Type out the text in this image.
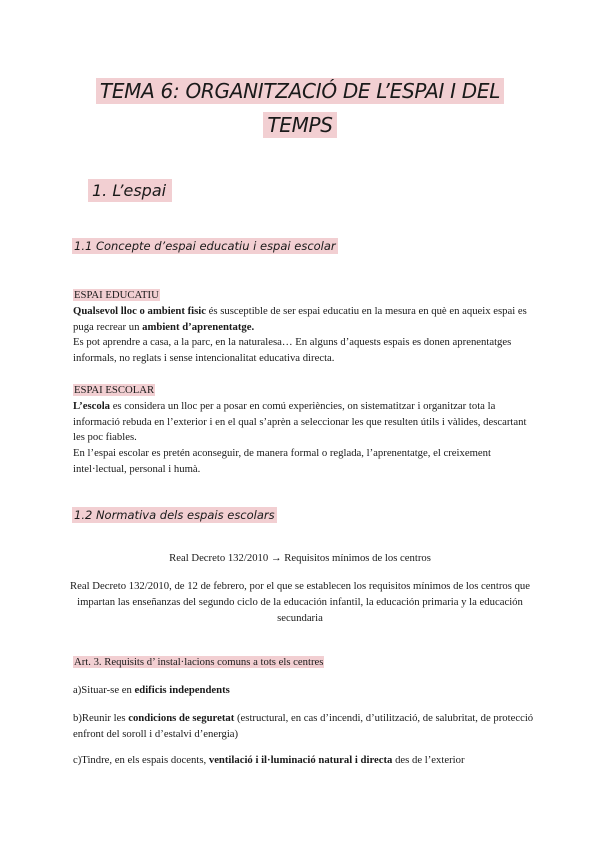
TEMA 6: ORGANITZACIÓ DE L’ESPAI I DEL
TEMPS
1. L’espai
1.1 Concepte d’espai educatiu i espai escolar

ESPAI EDUCATIU

Qualsevol lloc o ambient fisic és susceptible de ser espai educatiu en la mesura en què en aqueix espai es puga recrear un ambient d’aprenentatge.

Es pot aprendre a casa, a la parc, en la naturalesa… En alguns d’aquests espais es donen aprenentatges informals, no reglats i sense intencionalitat educativa directa.

ESPAI ESCOLAR

L’escola es considera un lloc per a posar en comú experiències, on sistematitzar i organitzar tota la informació rebuda en l’exterior i en el qual s’aprèn a seleccionar les que resulten útils i vàlides, descartant les poc fiables.

En l’espai escolar es pretén aconseguir, de manera formal o reglada, l’aprenentatge, el creixement intel·lectual, personal i humà.

1.2 Normativa dels espais escolars

Real Decreto 132/2010 → Requisitos mínimos de los centros

Real Decreto 132/2010, de 12 de febrero, por el que se establecen los requisitos mínimos de los centros que impartan las enseñanzas del segundo ciclo de la educación infantil, la educación primaria y la educación secundaria

Art. 3. Requisits d’ instal·lacions comuns a tots els centres

a)Situar-se en edificis independents

b)Reunir les condicions de seguretat (estructural, en cas d’incendi, d’utilització, de salubritat, de protecció enfront del soroll i d’estalvi d’energia)

c)Tindre, en els espais docents, ventilació i il·luminació natural i directa des de l’exterior
